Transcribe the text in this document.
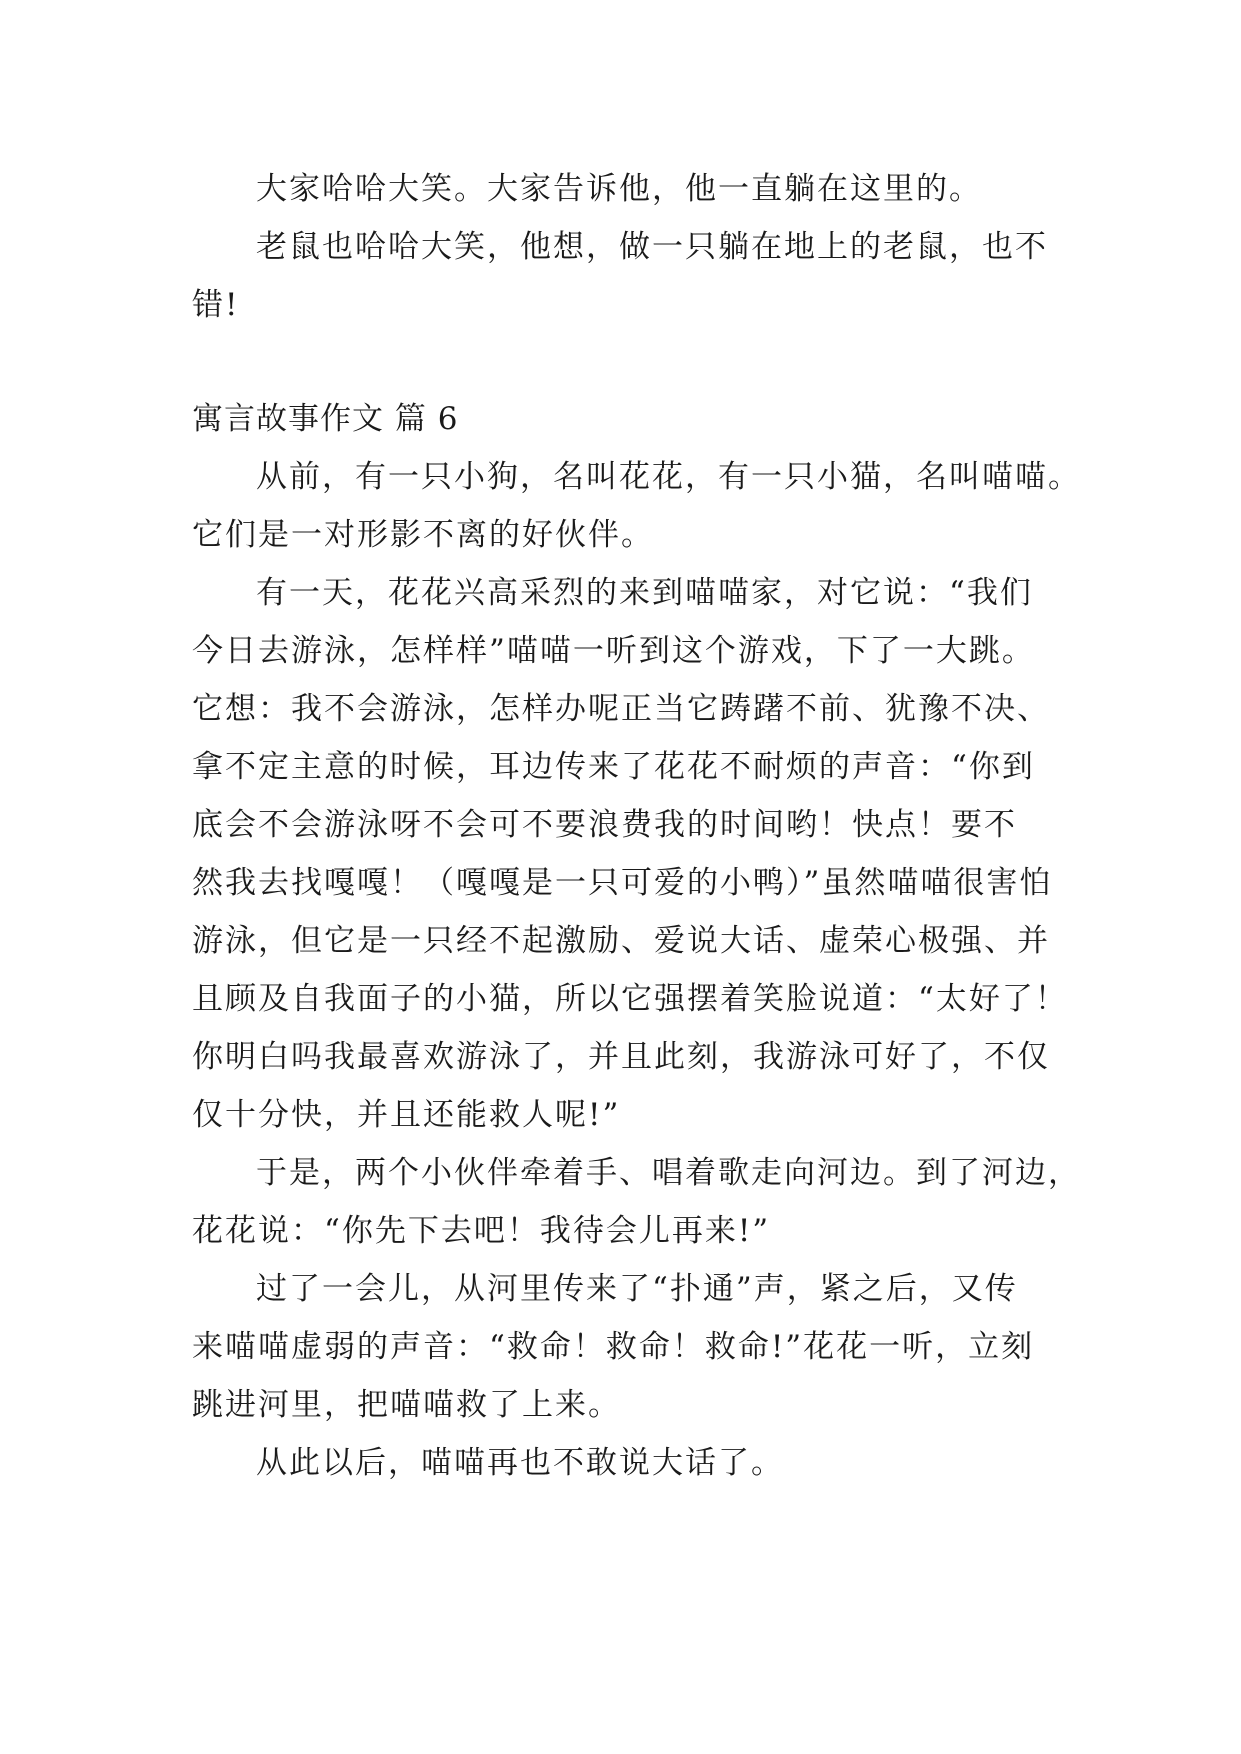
大家哈哈大笑。大家告诉他，他一直躺在这里的。
老鼠也哈哈大笑，他想，做一只躺在地上的老鼠，也不
错!
寓言故事作文 篇 6
从前，有一只小狗，名叫花花，有一只小猫，名叫喵喵。
它们是一对形影不离的好伙伴。
有一天，花花兴高采烈的来到喵喵家，对它说：“我们
今日去游泳，怎样样”喵喵一听到这个游戏，下了一大跳。
它想：我不会游泳，怎样办呢正当它踌躇不前、犹豫不决、
拿不定主意的时候，耳边传来了花花不耐烦的声音：“你到
底会不会游泳呀不会可不要浪费我的时间哟！快点！要不
然我去找嘎嘎！（嘎嘎是一只可爱的小鸭）”虽然喵喵很害怕
游泳，但它是一只经不起激励、爱说大话、虚荣心极强、并
且顾及自我面子的小猫，所以它强摆着笑脸说道：“太好了！
你明白吗我最喜欢游泳了，并且此刻，我游泳可好了，不仅
仅十分快，并且还能救人呢!”
于是，两个小伙伴牵着手、唱着歌走向河边。到了河边，
花花说：“你先下去吧！我待会儿再来!”
过了一会儿，从河里传来了“扑通”声，紧之后，又传
来喵喵虚弱的声音：“救命！救命！救命!”花花一听，立刻
跳进河里，把喵喵救了上来。
从此以后，喵喵再也不敢说大话了。
